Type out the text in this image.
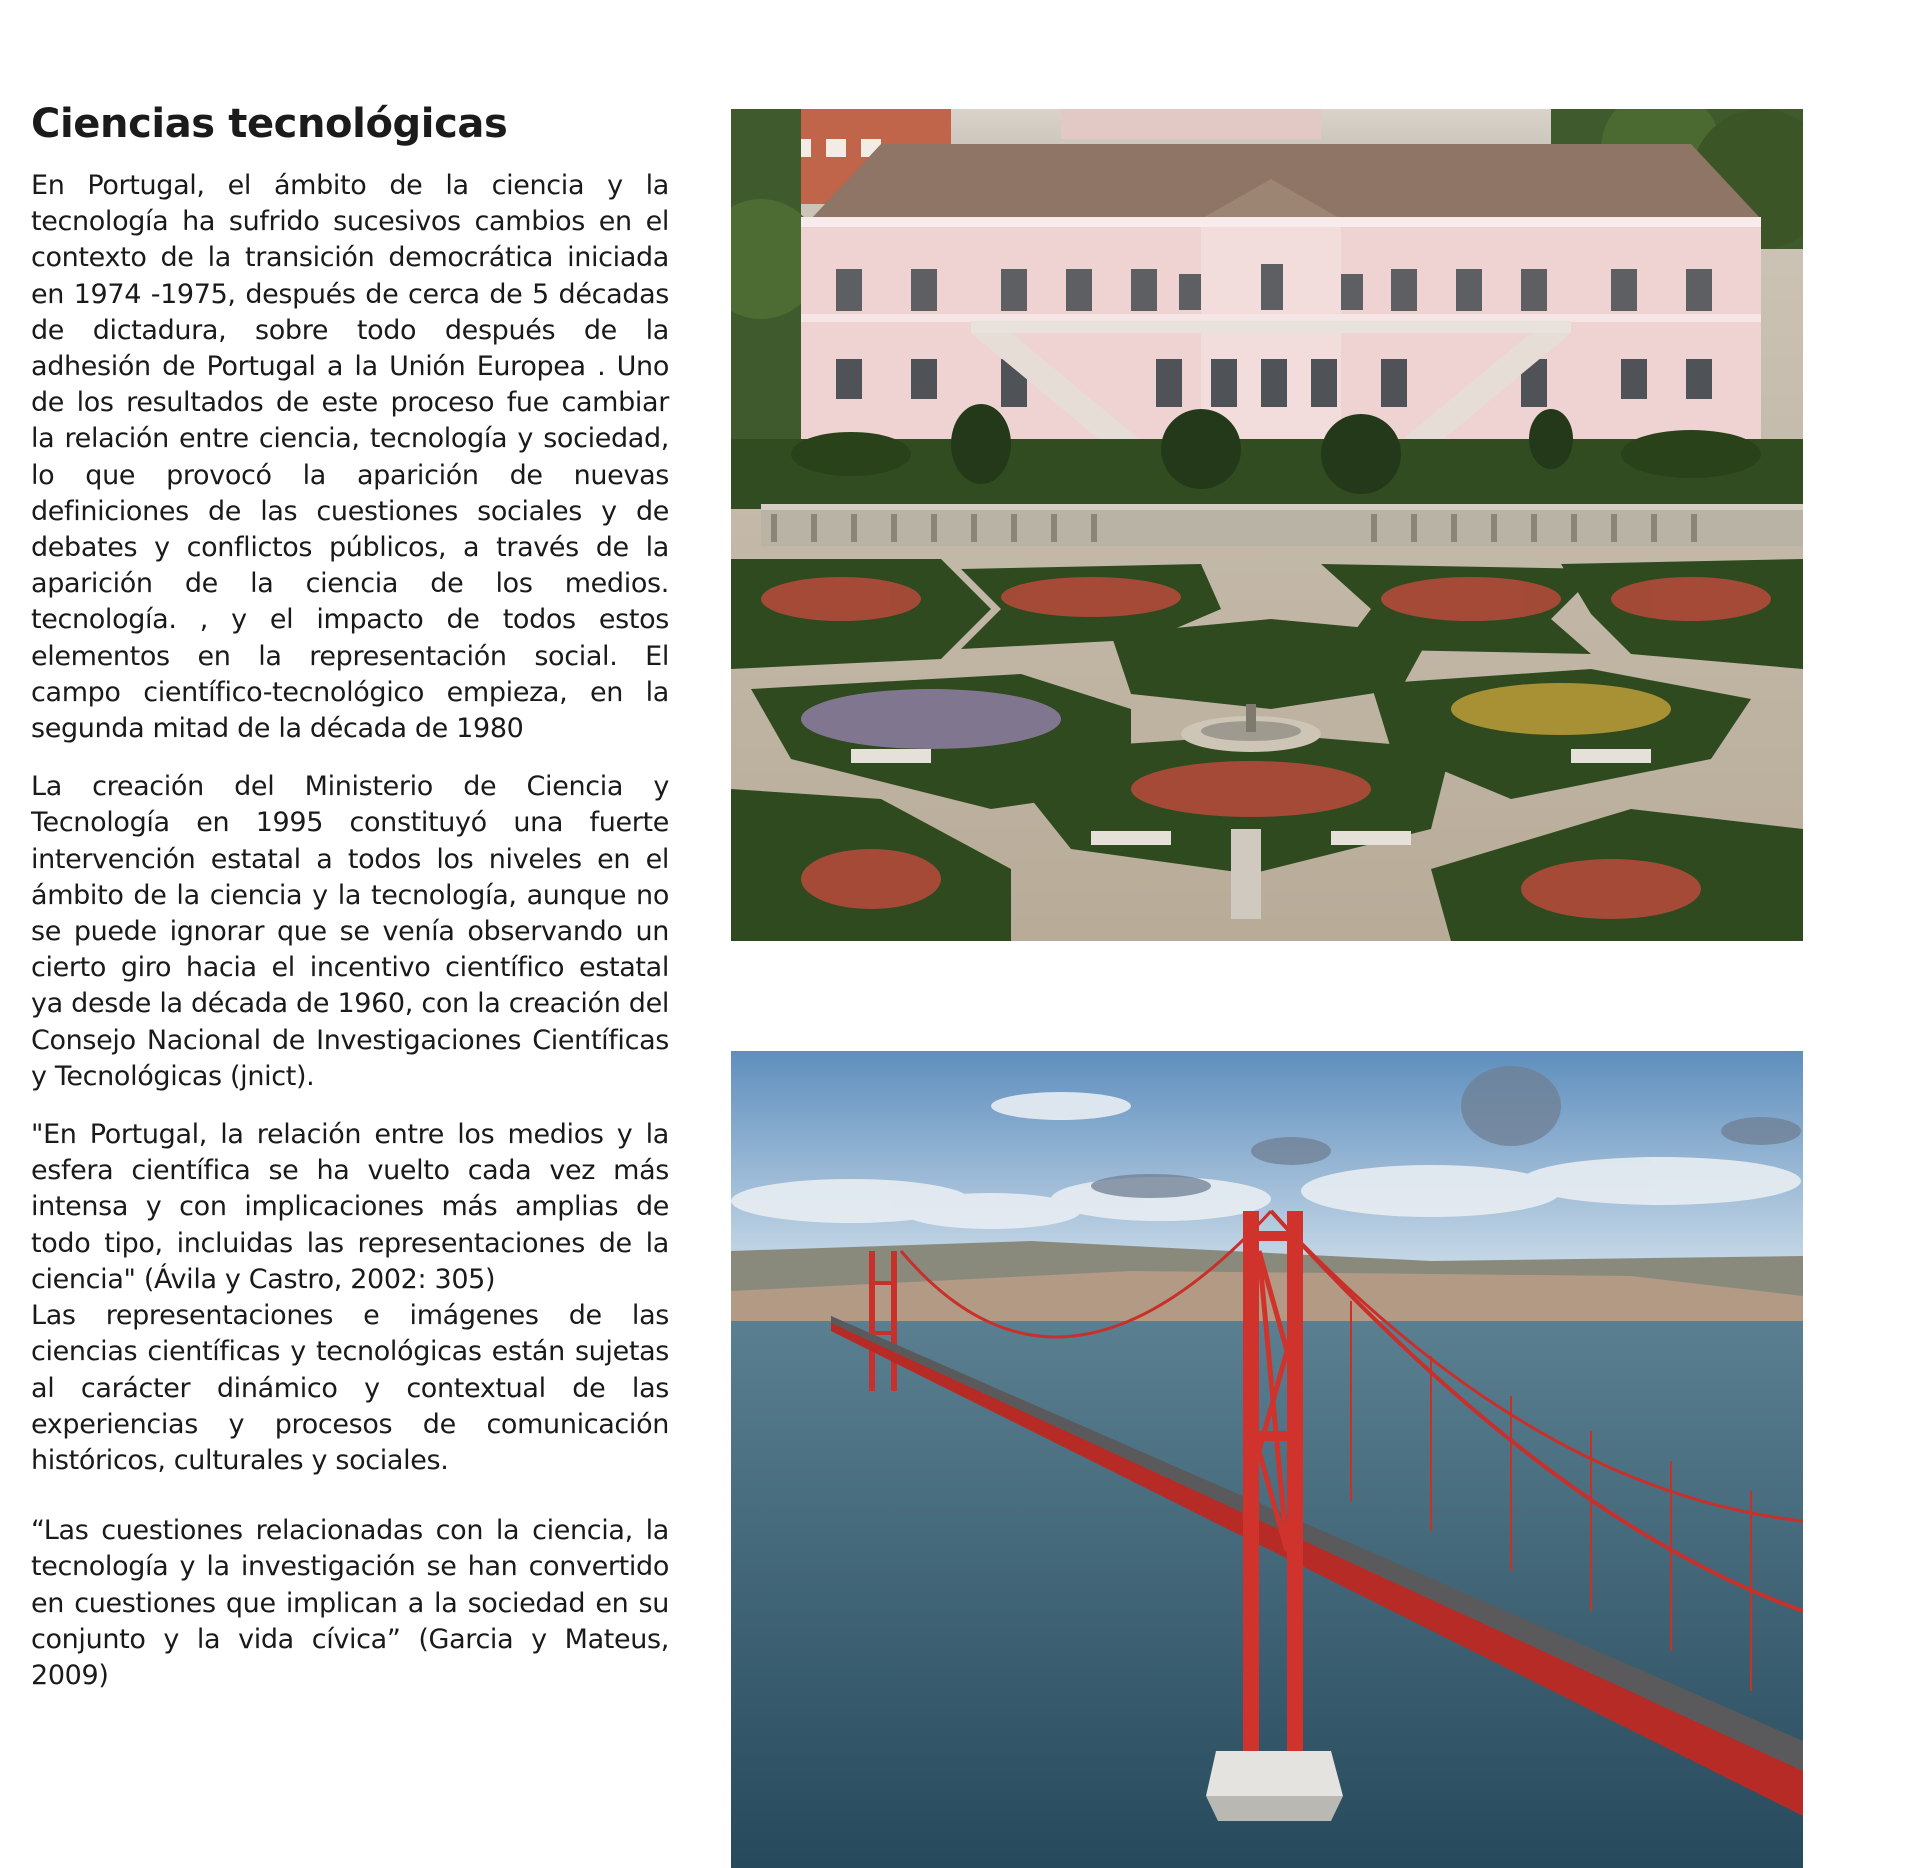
Ciencias tecnológicas

En Portugal, el ámbito de la ciencia y la tecnología ha sufrido sucesivos cambios en el contexto de la transición democrática iniciada en 1974 -1975, después de cerca de 5 décadas de dictadura, sobre todo después de la adhesión de Portugal a la Unión Europea . Uno de los resultados de este proceso fue cambiar la relación entre ciencia, tecnología y sociedad, lo que provocó la aparición de nuevas definiciones de las cuestiones sociales y de debates y conflictos públicos, a través de la aparición de la ciencia de los medios. tecnología. , y el impacto de todos estos elementos en la representación social. El campo científico-tecnológico empieza, en la segunda mitad de la década de 1980

La creación del Ministerio de Ciencia y Tecnología en 1995 constituyó una fuerte intervención estatal a todos los niveles en el ámbito de la ciencia y la tecnología, aunque no se puede ignorar que se venía observando un cierto giro hacia el incentivo científico estatal ya desde la década de 1960, con la creación del Consejo Nacional de Investigaciones Científicas y Tecnológicas (jnict).

"En Portugal, la relación entre los medios y la esfera científica se ha vuelto cada vez más intensa y con implicaciones más amplias de todo tipo, incluidas las representaciones de la ciencia" (Ávila y Castro, 2002: 305)

Las representaciones e imágenes de las ciencias científicas y tecnológicas están sujetas al carácter dinámico y contextual de las experiencias y procesos de comunicación históricos, culturales y sociales.

“Las cuestiones relacionadas con la ciencia, la tecnología y la investigación se han convertido en cuestiones que implican a la sociedad en su conjunto y la vida cívica” (Garcia y Mateus, 2009)
